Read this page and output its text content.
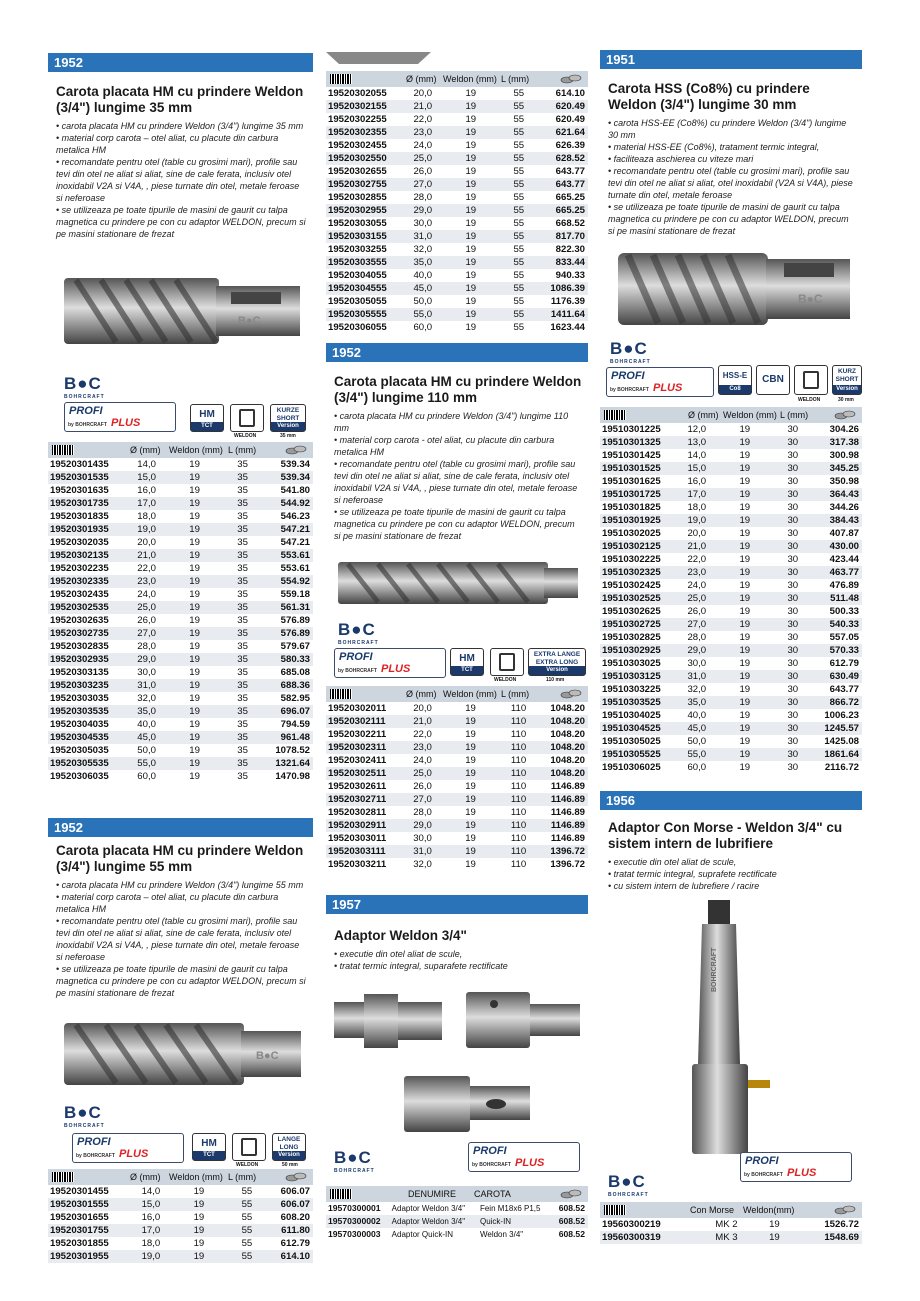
1952
Carota placata HM cu prindere Weldon (3/4") lungime 35 mm
• carota placata HM cu prindere Weldon (3/4") lungime 35 mm
• material corp carota – otel aliat, cu placute din carbura metalica HM
• recomandate pentru otel (table cu grosimi mari), profile sau tevi din otel ne aliat si aliat, sine de cale ferata, inclusiv otel inoxidabil V2A si V4A, , piese turnate din otel, metale feroase si neferoase
• se utilizeaza pe toate tipurile de masini de gaurit cu talpa magnetica cu prindere pe con cu adaptor WELDON, precum si pe masini stationare de frezat
B●C
B●C
BOHRCRAFT
PROFI
PLUS
by BOHRCRAFT
HM
TCT
WELDON
KURZE
SHORT
Version
35 mm
Ø (mm) Weldon (mm) L (mm)
19520301435	14,0	19	35	539.34
19520301535	15,0	19	35	539.34
19520301635	16,0	19	35	541.80
19520301735	17,0	19	35	544.92
19520301835	18,0	19	35	546.23
19520301935	19,0	19	35	547.21
19520302035	20,0	19	35	547.21
19520302135	21,0	19	35	553.61
19520302235	22,0	19	35	553.61
19520302335	23,0	19	35	554.92
19520302435	24,0	19	35	559.18
19520302535	25,0	19	35	561.31
19520302635	26,0	19	35	576.89
19520302735	27,0	19	35	576.89
19520302835	28,0	19	35	579.67
19520302935	29,0	19	35	580.33
19520303135	30,0	19	35	685.08
19520303235	31,0	19	35	688.36
19520303035	32,0	19	35	582.95
19520303535	35,0	19	35	696.07
19520304035	40,0	19	35	794.59
19520304535	45,0	19	35	961.48
19520305035	50,0	19	35	1078.52
19520305535	55,0	19	35	1321.64
19520306035	60,0	19	35	1470.98
1952
Carota placata HM cu prindere Weldon (3/4") lungime 55 mm
• carota placata HM cu prindere Weldon (3/4") lungime 55 mm
• material corp carota – otel aliat, cu placute din carbura metalica HM
• recomandate pentru otel (table cu grosimi mari), profile sau tevi din otel ne aliat si aliat, sine de cale ferata, inclusiv otel inoxidabil V2A si V4A, , piese turnate din otel, metale feroase si neferoase
• se utilizeaza pe toate tipurile de masini de gaurit cu talpa magnetica cu prindere pe con cu adaptor WELDON, precum si pe masini stationare de frezat
B●C
B●C
BOHRCRAFT
PROFI
PLUS
by BOHRCRAFT
HM
TCT
WELDON
LANGE
LONG
Version
50 mm
Ø (mm) Weldon (mm) L (mm)
19520301455	14,0	19	55	606.07
19520301555	15,0	19	55	606.07
19520301655	16,0	19	55	608.20
19520301755	17,0	19	55	611.80
19520301855	18,0	19	55	612.79
19520301955	19,0	19	55	614.10
Ø (mm) Weldon (mm) L (mm)
19520302055	20,0	19	55	614.10
19520302155	21,0	19	55	620.49
19520302255	22,0	19	55	620.49
19520302355	23,0	19	55	621.64
19520302455	24,0	19	55	626.39
19520302550	25,0	19	55	628.52
19520302655	26,0	19	55	643.77
19520302755	27,0	19	55	643.77
19520302855	28,0	19	55	665.25
19520302955	29,0	19	55	665.25
19520303055	30,0	19	55	668.52
19520303155	31,0	19	55	817.70
19520303255	32,0	19	55	822.30
19520303555	35,0	19	55	833.44
19520304055	40,0	19	55	940.33
19520304555	45,0	19	55	1086.39
19520305055	50,0	19	55	1176.39
19520305555	55,0	19	55	1411.64
19520306055	60,0	19	55	1623.44
1952
Carota placata HM cu prindere Weldon (3/4") lungime 110 mm
• carota placata HM cu prindere Weldon (3/4") lungime 110 mm
• material corp carota - otel aliat, cu placute din carbura metalica HM
• recomandate pentru otel (table cu grosimi mari), profile sau tevi din otel ne aliat si aliat, sine de cale ferata, inclusiv otel inoxidabil V2A si V4A, , piese turnate din otel, metale feroase si neferoase
• se utilizeaza pe toate tipurile de masini de gaurit cu talpa magnetica cu prindere pe con cu adaptor WELDON, precum si pe masini stationare de frezat
B●C
BOHRCRAFT
PROFI
PLUS
by BOHRCRAFT
HM
TCT
WELDON
EXTRA LANGE
EXTRA LONG
Version
110 mm
Ø (mm) Weldon (mm) L (mm)
19520302011	20,0	19	110	1048.20
19520302111	21,0	19	110	1048.20
19520302211	22,0	19	110	1048.20
19520302311	23,0	19	110	1048.20
19520302411	24,0	19	110	1048.20
19520302511	25,0	19	110	1048.20
19520302611	26,0	19	110	1146.89
19520302711	27,0	19	110	1146.89
19520302811	28,0	19	110	1146.89
19520302911	29,0	19	110	1146.89
19520303011	30,0	19	110	1146.89
19520303111	31,0	19	110	1396.72
19520303211	32,0	19	110	1396.72
1957
Adaptor Weldon 3/4"
• executie din otel aliat de scule,
• tratat termic integral, suparafete rectificate
B●C
BOHRCRAFT
PROFI
PLUS
by BOHRCRAFT
DENUMIRE CAROTA
19570300001	Adaptor Weldon 3/4"	Fein M18x6 P1,5	608.52
19570300002	Adaptor Weldon 3/4"	Quick-IN	608.52
19570300003	Adaptor Quick-IN	Weldon 3/4"	608.52
1951
Carota HSS (Co8%) cu prindere Weldon (3/4") lungime 30 mm
• carota HSS-EE (Co8%) cu prindere Weldon (3/4") lungime 30 mm
• material HSS-EE (Co8%), tratament termic integral,
• faciliteaza aschierea cu viteze mari
• recomandate pentru otel (table cu grosimi mari), profile sau tevi din otel ne aliat si aliat, otel inoxidabil (V2A si V4A), piese turnate din otel, metale feroase
• se utilizeaza pe toate tipurile de masini de gaurit cu talpa magnetica cu prindere pe con cu adaptor WELDON, precum si pe masini stationare de frezat
B●C
B●C
BOHRCRAFT
PROFI
PLUS
by BOHRCRAFT
HSS-E
Co8
CBN
WELDON
KURZ
SHORT
Version
30 mm
Ø (mm) Weldon (mm) L (mm)
19510301225	12,0	19	30	304.26
19510301325	13,0	19	30	317.38
19510301425	14,0	19	30	300.98
19510301525	15,0	19	30	345.25
19510301625	16,0	19	30	350.98
19510301725	17,0	19	30	364.43
19510301825	18,0	19	30	344.26
19510301925	19,0	19	30	384.43
19510302025	20,0	19	30	407.87
19510302125	21,0	19	30	430.00
19510302225	22,0	19	30	423.44
19510302325	23,0	19	30	463.77
19510302425	24,0	19	30	476.89
19510302525	25,0	19	30	511.48
19510302625	26,0	19	30	500.33
19510302725	27,0	19	30	540.33
19510302825	28,0	19	30	557.05
19510302925	29,0	19	30	570.33
19510303025	30,0	19	30	612.79
19510303125	31,0	19	30	630.49
19510303225	32,0	19	30	643.77
19510303525	35,0	19	30	866.72
19510304025	40,0	19	30	1006.23
19510304525	45,0	19	30	1245.57
19510305025	50,0	19	30	1425.08
19510305525	55,0	19	30	1861.64
19510306025	60,0	19	30	2116.72
1956
Adaptor Con Morse - Weldon 3/4" cu sistem intern de lubrifiere
• executie din otel aliat de scule,
• tratat termic integral, suprafete rectificate
• cu sistem intern de lubrefiere / racire
BOHRCRAFT
B●C
BOHRCRAFT
PROFI
PLUS
by BOHRCRAFT
Con Morse Weldon(mm)
19560300219	MK 2	19	1526.72
19560300319	MK 3	19	1548.69
